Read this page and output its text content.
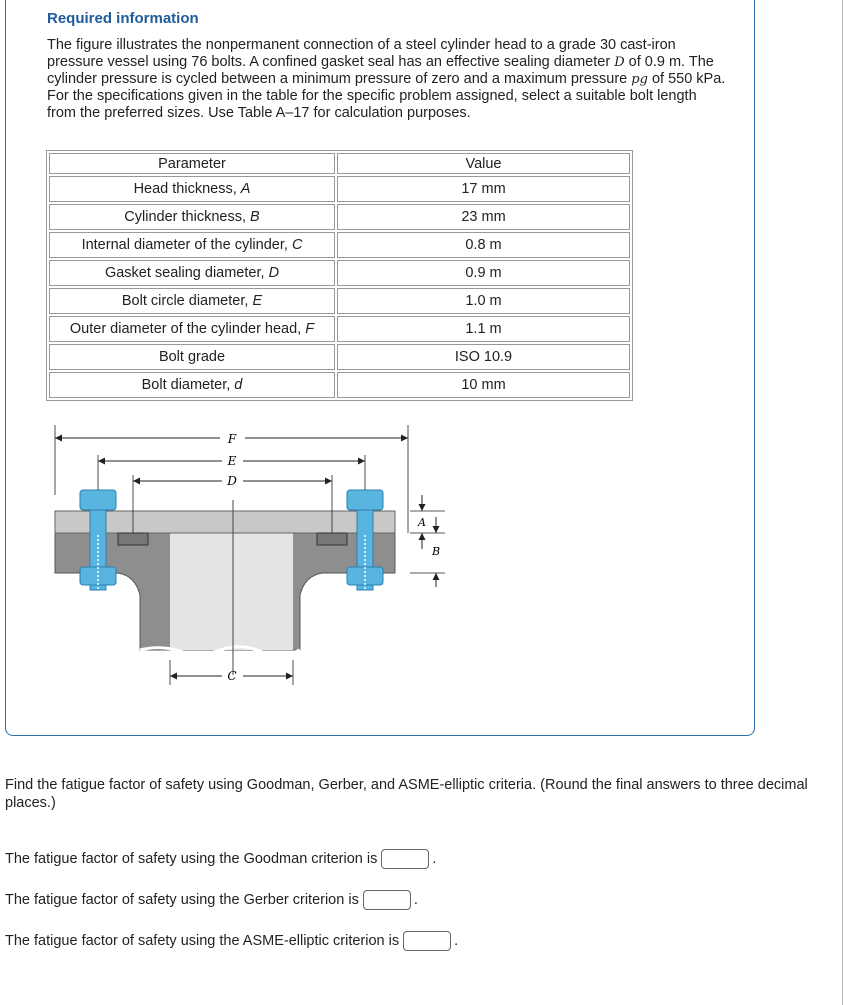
Required information
The figure illustrates the nonpermanent connection of a steel cylinder head to a grade 30 cast-iron pressure vessel using 76 bolts. A confined gasket seal has an effective sealing diameter D of 0.9 m. The cylinder pressure is cycled between a minimum pressure of zero and a maximum pressure pg of 550 kPa. For the specifications given in the table for the specific problem assigned, select a suitable bolt length from the preferred sizes. Use Table A–17 for calculation purposes.
Parameter	Value
Head thickness, A	17 mm
Cylinder thickness, B	23 mm
Internal diameter of the cylinder, C	0.8 m
Gasket sealing diameter, D	0.9 m
Bolt circle diameter, E	1.0 m
Outer diameter of the cylinder head, F	1.1 m
Bolt grade	ISO 10.9
Bolt diameter, d	10 mm
F
E
D
C
A
B
Find the fatigue factor of safety using Goodman, Gerber, and ASME-elliptic criteria. (Round the final answers to three decimal places.)
The fatigue factor of safety using the Goodman criterion is	.
The fatigue factor of safety using the Gerber criterion is	.
The fatigue factor of safety using the ASME-elliptic criterion is	.
